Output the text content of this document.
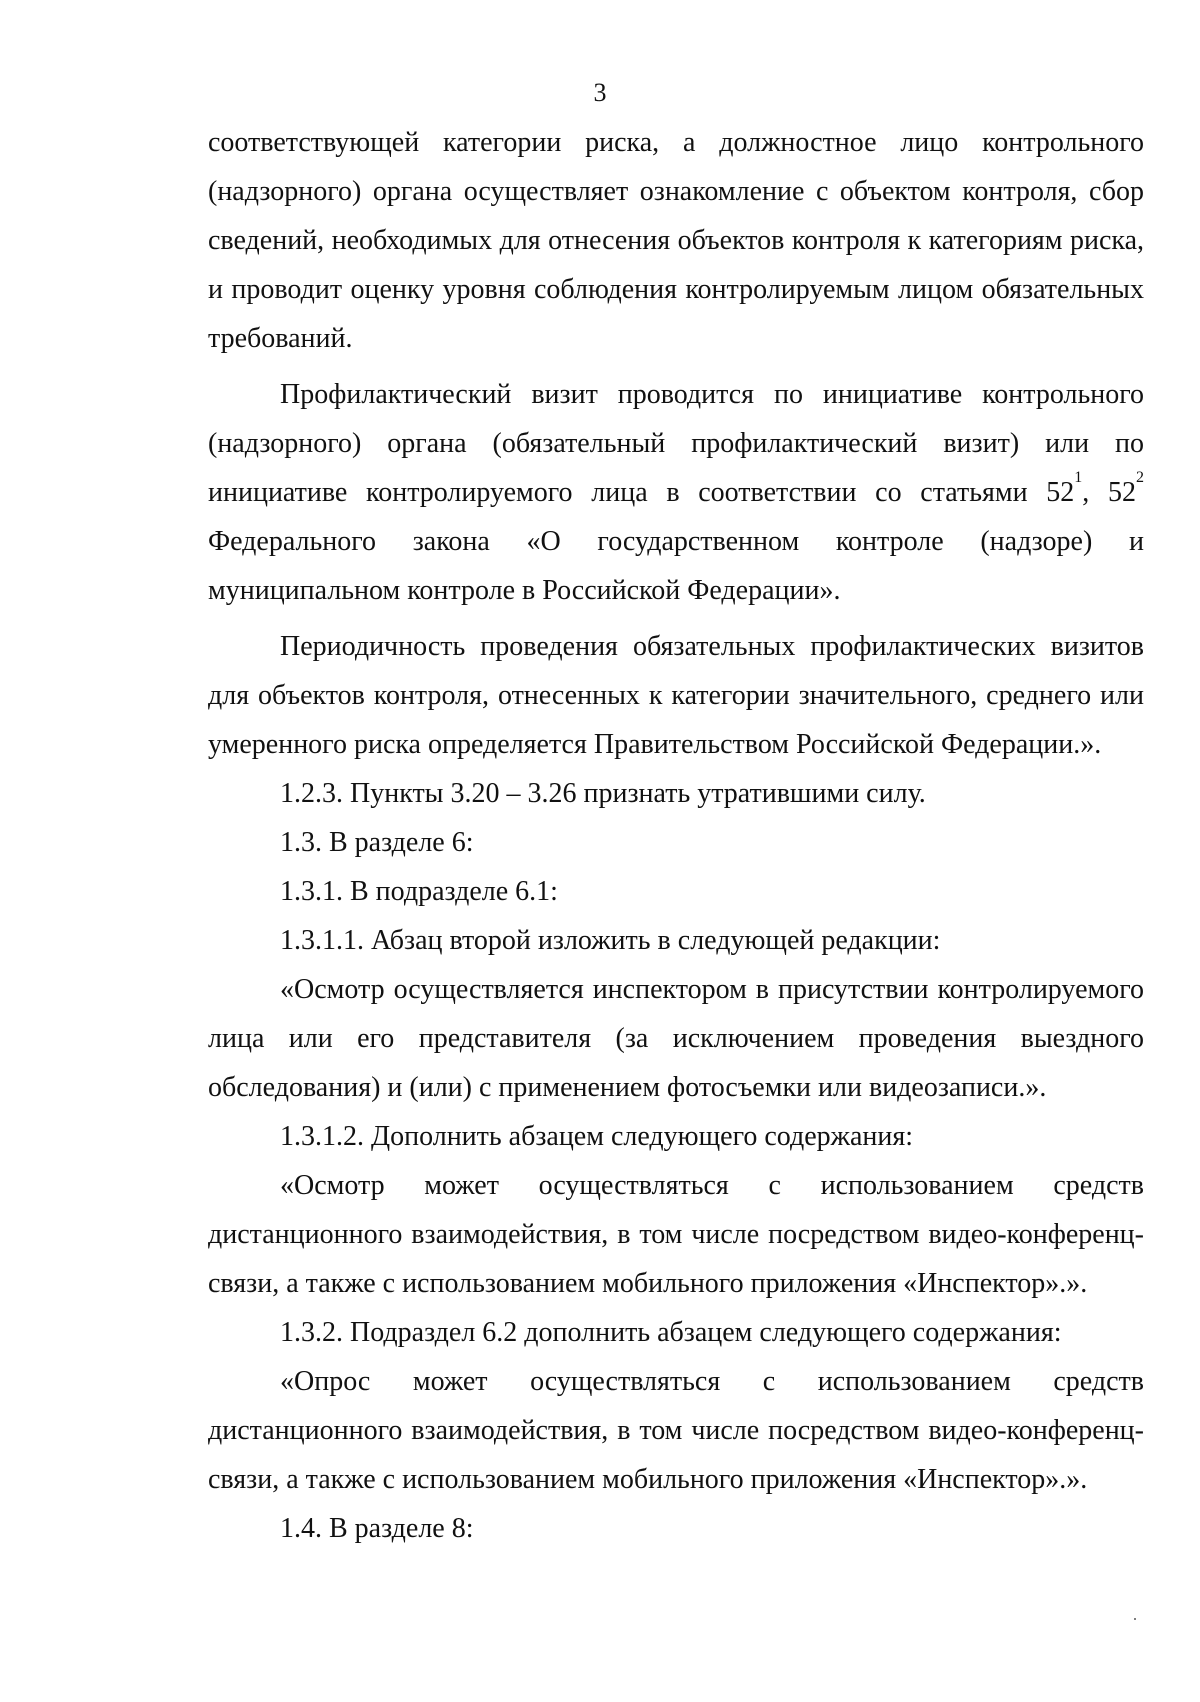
3

соответствующей категории риска, а должностное лицо контрольного (надзорного) органа осуществляет ознакомление с объектом контроля, сбор сведений, необходимых для отнесения объектов контроля к категориям риска, и проводит оценку уровня соблюдения контролируемым лицом обязательных требований.

Профилактический визит проводится по инициативе контрольного (надзорного) органа (обязательный профилактический визит) или по инициативе контролируемого лица в соответствии со статьями $52^1$, $52^2$ Федерального закона «О государственном контроле (надзоре) и муниципальном контроле в Российской Федерации».

Периодичность проведения обязательных профилактических визитов для объектов контроля, отнесенных к категории значительного, среднего или умеренного риска определяется Правительством Российской Федерации.».

1.2.3. Пункты 3.20 – 3.26 признать утратившими силу.

1.3. В разделе 6:

1.3.1. В подразделе 6.1:

1.3.1.1. Абзац второй изложить в следующей редакции:

«Осмотр осуществляется инспектором в присутствии контролируемого лица или его представителя (за исключением проведения выездного обследования) и (или) с применением фотосъемки или видеозаписи.».

1.3.1.2. Дополнить абзацем следующего содержания:

«Осмотр может осуществляться с использованием средств дистанционного взаимодействия, в том числе посредством видео-конференц-связи, а также с использованием мобильного приложения «Инспектор».».

1.3.2. Подраздел 6.2 дополнить абзацем следующего содержания:

«Опрос может осуществляться с использованием средств дистанционного взаимодействия, в том числе посредством видео-конференц-связи, а также с использованием мобильного приложения «Инспектор».».

1.4. В разделе 8:
